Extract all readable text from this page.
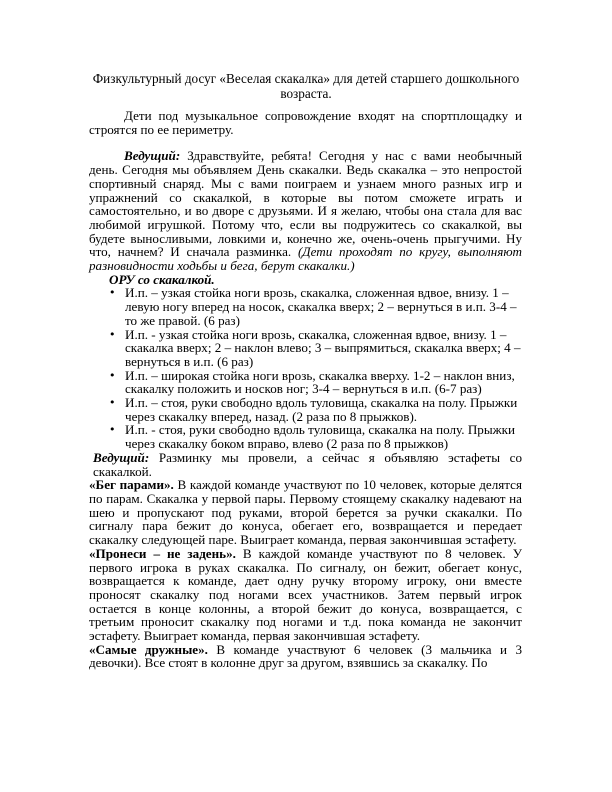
Физкультурный досуг «Веселая скакалка» для детей старшего дошкольного возраста.

Дети под музыкальное сопровождение входят на спортплощадку и строятся по ее периметру.

Ведущий: Здравствуйте, ребята! Сегодня у нас с вами необычный день. Сегодня мы объявляем День скакалки. Ведь скакалка – это непростой спортивный снаряд. Мы с вами поиграем и узнаем много разных игр и упражнений со скакалкой, в которые вы потом сможете играть и самостоятельно, и во дворе с друзьями. И я желаю, чтобы она стала для вас любимой игрушкой. Потому что, если вы подружитесь со скакалкой, вы будете выносливыми, ловкими и, конечно же, очень-очень прыгучими. Ну что, начнем? И сначала разминка. (Дети проходят по кругу, выполняют разновидности ходьбы и бега, берут скакалки.)

ОРУ со скакалкой.
• И.п. – узкая стойка ноги врозь, скакалка, сложенная вдвое, внизу. 1 – левую ногу вперед на носок, скакалка вверх; 2 – вернуться в и.п. 3-4 – то же правой. (6 раз)
• И.п. - узкая стойка ноги врозь, скакалка, сложенная вдвое, внизу. 1 – скакалка вверх; 2 – наклон влево; 3 – выпрямиться, скакалка вверх; 4 – вернуться в и.п. (6 раз)
• И.п. – широкая стойка ноги врозь, скакалка вверху. 1-2 – наклон вниз, скакалку положить и носков ног; 3-4 – вернуться в и.п. (6-7 раз)
• И.п. – стоя, руки свободно вдоль туловища, скакалка на полу. Прыжки через скакалку вперед, назад. (2 раза по 8 прыжков).
• И.п. - стоя, руки свободно вдоль туловища, скакалка на полу. Прыжки через скакалку боком вправо, влево (2 раза по 8 прыжков)

Ведущий: Разминку мы провели, а сейчас я объявляю эстафеты со скакалкой.

«Бег парами». В каждой команде участвуют по 10 человек, которые делятся по парам. Скакалка у первой пары. Первому стоящему скакалку надевают на шею и пропускают под руками, второй берется за ручки скакалки. По сигналу пара бежит до конуса, обегает его, возвращается и передает скакалку следующей паре. Выиграет команда, первая закончившая эстафету.

«Пронеси – не задень». В каждой команде участвуют по 8 человек. У первого игрока в руках скакалка. По сигналу, он бежит, обегает конус, возвращается к команде, дает одну ручку второму игроку, они вместе проносят скакалку под ногами всех участников. Затем первый игрок остается в конце колонны, а второй бежит до конуса, возвращается, с третьим проносит скакалку под ногами и т.д. пока команда не закончит эстафету. Выиграет команда, первая закончившая эстафету.

«Самые дружные». В команде участвуют 6 человек (3 мальчика и 3 девочки). Все стоят в колонне друг за другом, взявшись за скакалку. По
